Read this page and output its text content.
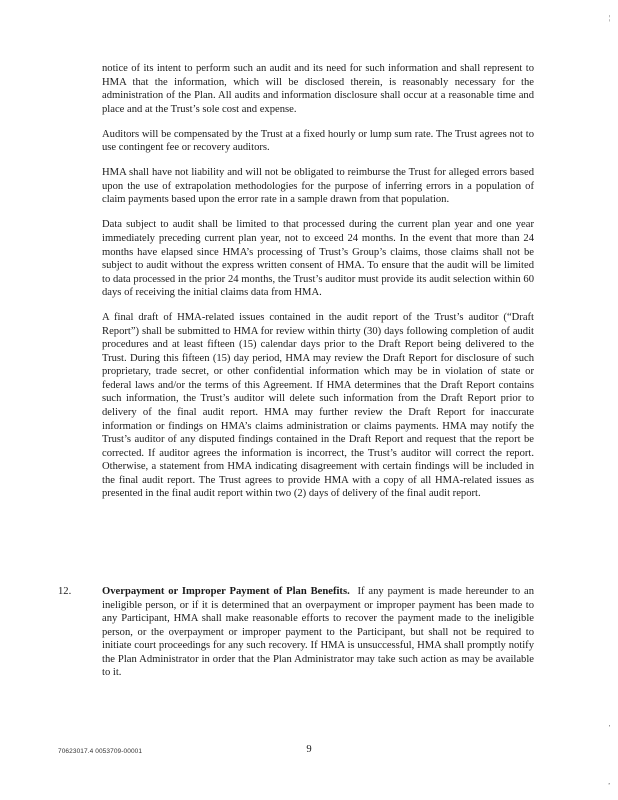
¦

notice of its intent to perform such an audit and its need for such information and shall represent to HMA that the information, which will be disclosed therein, is reasonably necessary for the administration of the Plan. All audits and information disclosure shall occur at a reasonable time and place and at the Trust’s sole cost and expense.

Auditors will be compensated by the Trust at a fixed hourly or lump sum rate. The Trust agrees not to use contingent fee or recovery auditors.

HMA shall have not liability and will not be obligated to reimburse the Trust for alleged errors based upon the use of extrapolation methodologies for the purpose of inferring errors in a population of claim payments based upon the error rate in a sample drawn from that population.

Data subject to audit shall be limited to that processed during the current plan year and one year immediately preceding current plan year, not to exceed 24 months. In the event that more than 24 months have elapsed since HMA’s processing of Trust’s Group’s claims, those claims shall not be subject to audit without the express written consent of HMA. To ensure that the audit will be limited to data processed in the prior 24 months, the Trust’s auditor must provide its audit selection within 60 days of receiving the initial claims data from HMA.

A final draft of HMA-related issues contained in the audit report of the Trust’s auditor (“Draft Report”) shall be submitted to HMA for review within thirty (30) days following completion of audit procedures and at least fifteen (15) calendar days prior to the Draft Report being delivered to the Trust. During this fifteen (15) day period, HMA may review the Draft Report for disclosure of such proprietary, trade secret, or other confidential information which may be in violation of state or federal laws and/or the terms of this Agreement. If HMA determines that the Draft Report contains such information, the Trust’s auditor will delete such information from the Draft Report prior to delivery of the final audit report. HMA may further review the Draft Report for inaccurate information or findings on HMA’s claims administration or claims payments. HMA may notify the Trust’s auditor of any disputed findings contained in the Draft Report and request that the report be corrected. If auditor agrees the information is incorrect, the Trust’s auditor will correct the report. Otherwise, a statement from HMA indicating disagreement with certain findings will be included in the final audit report. The Trust agrees to provide HMA with a copy of all HMA-related issues as presented in the final audit report within two (2) days of delivery of the final audit report.

12.	Overpayment or Improper Payment of Plan Benefits. If any payment is made hereunder to an ineligible person, or if it is determined that an overpayment or improper payment has been made to any Participant, HMA shall make reasonable efforts to recover the payment made to the ineligible person, or the overpayment or improper payment to the Participant, but shall not be required to initiate court proceedings for any such recovery. If HMA is unsuccessful, HMA shall promptly notify the Plan Administrator in order that the Plan Administrator may take such action as may be available to it.

'
70623017.4 0053709-00001	9
,
